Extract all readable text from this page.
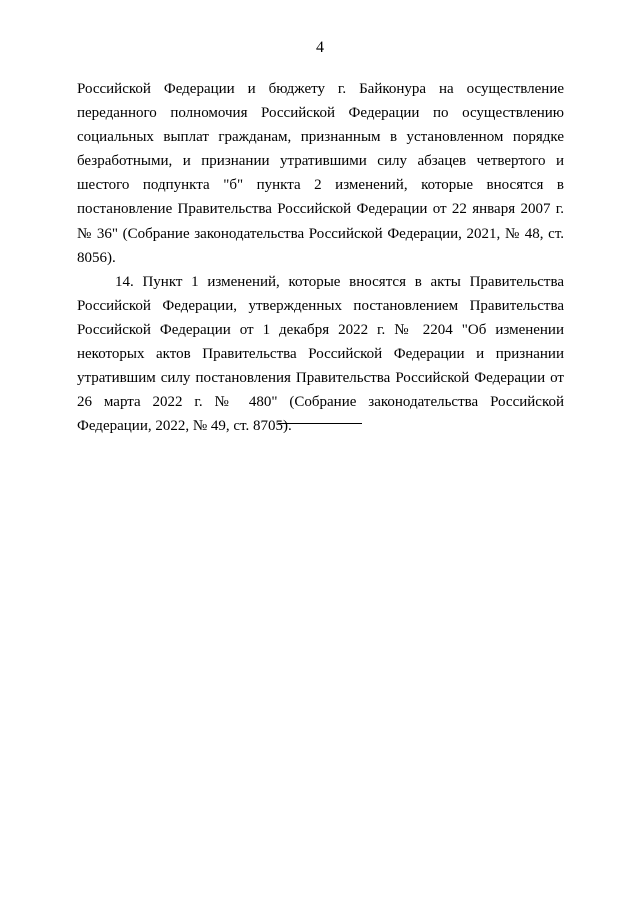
4

Российской Федерации и бюджету г. Байконура на осуществление переданного полномочия Российской Федерации по осуществлению социальных выплат гражданам, признанным в установленном порядке безработными, и признании утратившими силу абзацев четвертого и шестого подпункта "б" пункта 2 изменений, которые вносятся в постановление Правительства Российской Федерации от 22 января 2007 г. № 36" (Собрание законодательства Российской Федерации, 2021, № 48, ст. 8056).

14. Пункт 1 изменений, которые вносятся в акты Правительства Российской Федерации, утвержденных постановлением Правительства Российской Федерации от 1 декабря 2022 г. № 2204 "Об изменении некоторых актов Правительства Российской Федерации и признании утратившим силу постановления Правительства Российской Федерации от 26 марта 2022 г. № 480" (Собрание законодательства Российской Федерации, 2022, № 49, ст. 8705).
